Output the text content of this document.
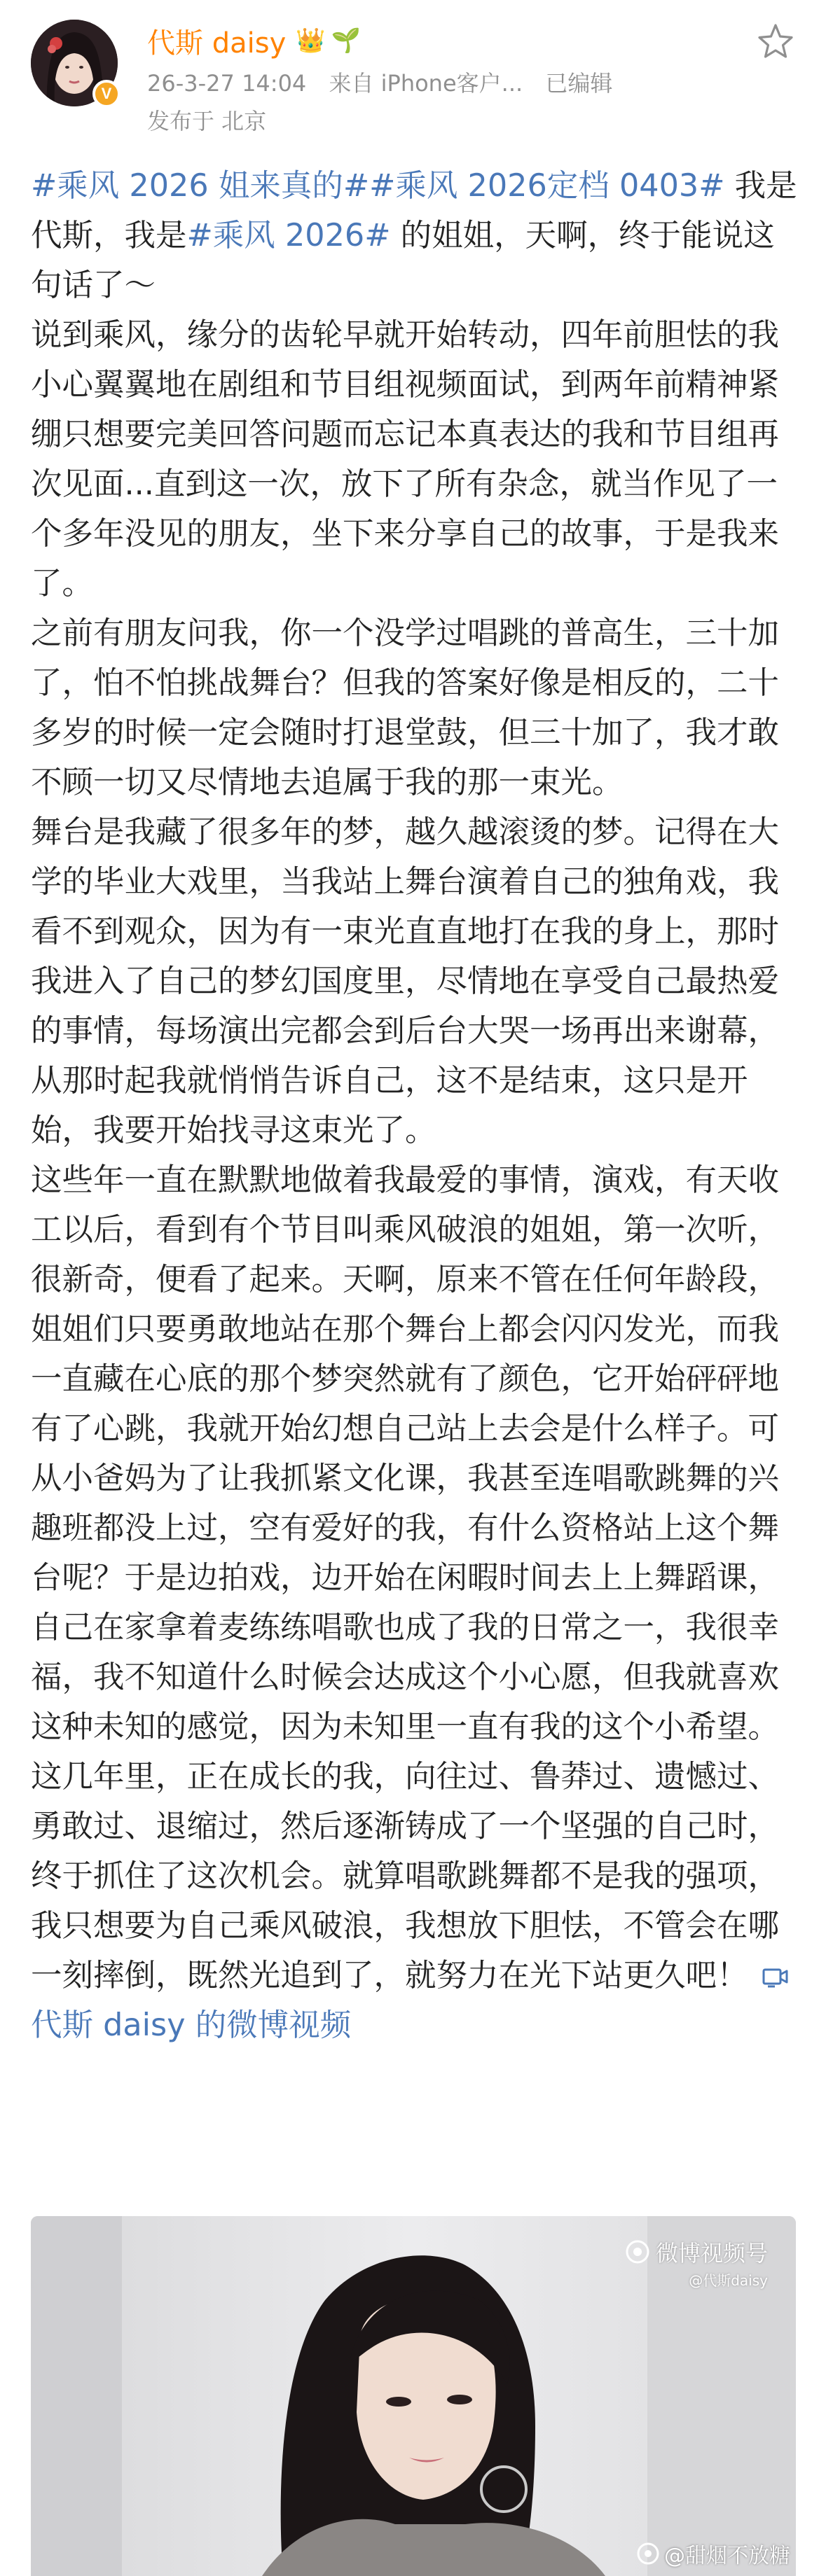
V
代斯 daisy 👑 🌱
26-3-27 14:04 来自 iPhone客户... 已编辑
发布于 北京

#乘风 2026 姐来真的##乘风 2026定档 0403# 我是代斯，我是#乘风 2026# 的姐姐，天啊，终于能说这句话了～

说到乘风，缘分的齿轮早就开始转动，四年前胆怯的我小心翼翼地在剧组和节目组视频面试，到两年前精神紧绷只想要完美回答问题而忘记本真表达的我和节目组再次见面...直到这一次，放下了所有杂念，就当作见了一个多年没见的朋友，坐下来分享自己的故事，于是我来了。

之前有朋友问我，你一个没学过唱跳的普高生，三十加了，怕不怕挑战舞台？但我的答案好像是相反的，二十多岁的时候一定会随时打退堂鼓，但三十加了，我才敢不顾一切又尽情地去追属于我的那一束光。

舞台是我藏了很多年的梦，越久越滚烫的梦。记得在大学的毕业大戏里，当我站上舞台演着自己的独角戏，我看不到观众，因为有一束光直直地打在我的身上，那时我进入了自己的梦幻国度里，尽情地在享受自己最热爱的事情，每场演出完都会到后台大哭一场再出来谢幕，从那时起我就悄悄告诉自己，这不是结束，这只是开始，我要开始找寻这束光了。

这些年一直在默默地做着我最爱的事情，演戏，有天收工以后，看到有个节目叫乘风破浪的姐姐，第一次听，很新奇，便看了起来。天啊，原来不管在任何年龄段，姐姐们只要勇敢地站在那个舞台上都会闪闪发光，而我一直藏在心底的那个梦突然就有了颜色，它开始砰砰地有了心跳，我就开始幻想自己站上去会是什么样子。可从小爸妈为了让我抓紧文化课，我甚至连唱歌跳舞的兴趣班都没上过，空有爱好的我，有什么资格站上这个舞台呢？于是边拍戏，边开始在闲暇时间去上上舞蹈课，自己在家拿着麦练练唱歌也成了我的日常之一，我很幸福，我不知道什么时候会达成这个小心愿，但我就喜欢这种未知的感觉，因为未知里一直有我的这个小希望。

这几年里，正在成长的我，向往过、鲁莽过、遗憾过、勇敢过、退缩过，然后逐渐铸成了一个坚强的自己时，终于抓住了这次机会。就算唱歌跳舞都不是我的强项，我只想要为自己乘风破浪，我想放下胆怯，不管会在哪一刻摔倒，既然光追到了，就努力在光下站更久吧！代斯 daisy 的微博视频

微博视频号
@代斯daisy
@甜烟不放糖
